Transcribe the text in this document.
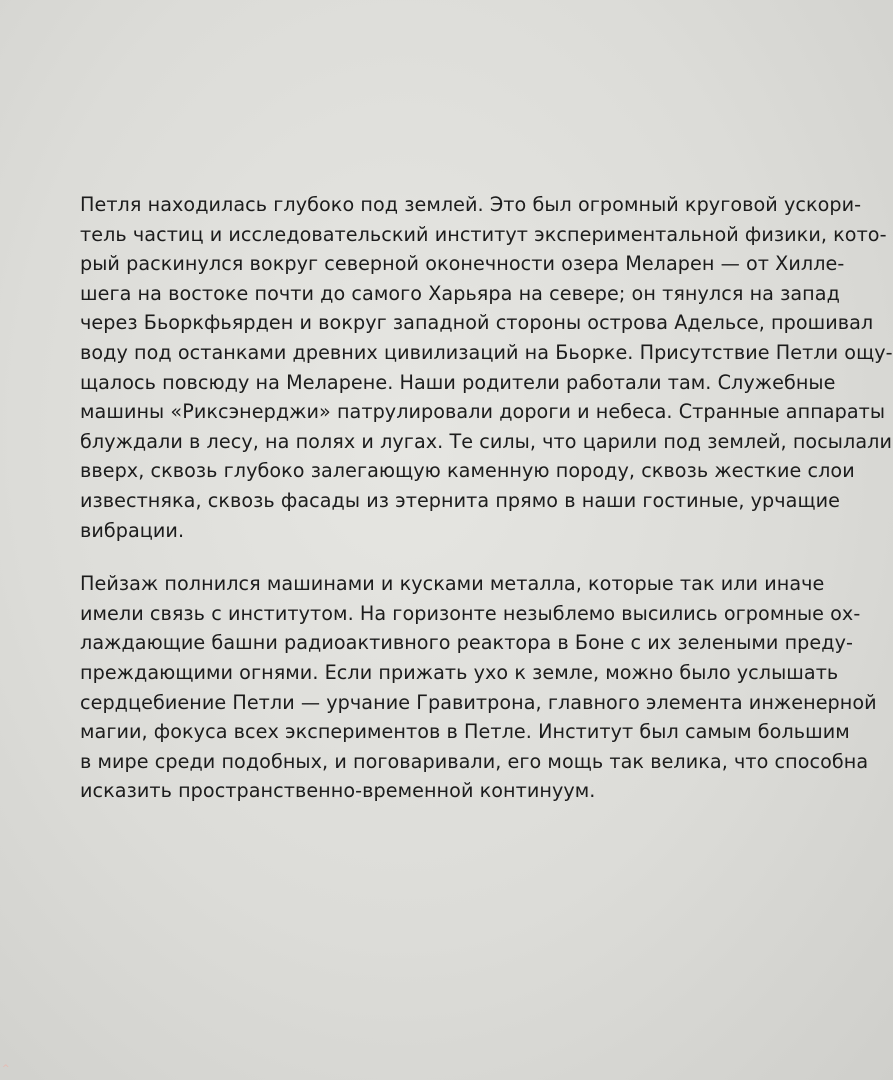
Петля находилась глубоко под землей. Это был огромный круговой ускори-
тель частиц и исследовательский институт экспериментальной физики, кото-
рый раскинулся вокруг северной оконечности озера Меларен — от Хилле-
шега на востоке почти до самого Харьяра на севере; он тянулся на запад
через Бьоркфьярден и вокруг западной стороны острова Адельсе, прошивал
воду под останками древних цивилизаций на Бьорке. Присутствие Петли ощу-
щалось повсюду на Меларене. Наши родители работали там. Служебные
машины «Риксэнерджи» патрулировали дороги и небеса. Странные аппараты
блуждали в лесу, на полях и лугах. Те силы, что царили под землей, посылали
вверх, сквозь глубоко залегающую каменную породу, сквозь жесткие слои
известняка, сквозь фасады из этернита прямо в наши гостиные, урчащие
вибрации.
Пейзаж полнился машинами и кусками металла, которые так или иначе
имели связь с институтом. На горизонте незыблемо высились огромные ох-
лаждающие башни радиоактивного реактора в Боне с их зелеными преду-
преждающими огнями. Если прижать ухо к земле, можно было услышать
сердцебиение Петли — урчание Гравитрона, главного элемента инженерной
магии, фокуса всех экспериментов в Петле. Институт был самым большим
в мире среди подобных, и поговаривали, его мощь так велика, что способна
исказить пространственно-временной континуум.
^
